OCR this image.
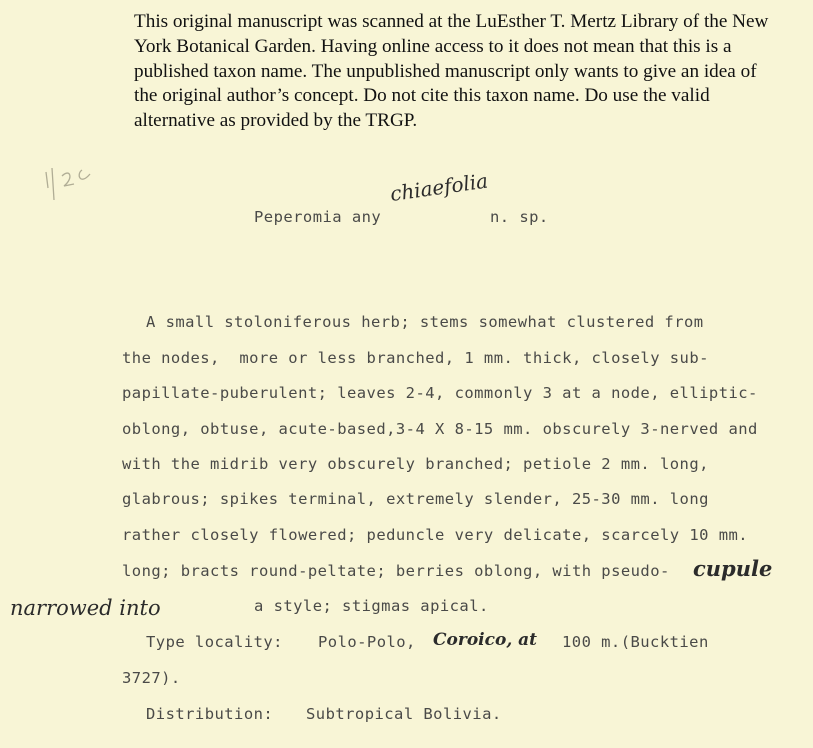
This original manuscript was scanned at the LuEsther T. Mertz Library of the New York Botanical Garden. Having online access to it does not mean that this is a published taxon name. The unpublished manuscript only wants to give an idea of the original author’s concept. Do not cite this taxon name. Do use the valid alternative as provided by the TRGP.
Peperomia any
chiaefolia
n. sp.
A small stoloniferous herb; stems somewhat clustered from
the nodes,  more or less branched, 1 mm. thick, closely sub-
papillate-puberulent; leaves 2-4, commonly 3 at a node, elliptic-
oblong, obtuse, acute-based,3-4 X 8-15 mm. obscurely 3-nerved and
with the midrib very obscurely branched; petiole 2 mm. long,
glabrous; spikes terminal, extremely slender, 25-30 mm. long
rather closely flowered; peduncle very delicate, scarcely 10 mm.
long; bracts round-peltate; berries oblong, with pseudo- cupule
narrowed into	a style; stigmas apical.
Type locality: Polo-Polo, Coroico, at 100 m.(Bucktien
3727).
Distribution: Subtropical Bolivia.
